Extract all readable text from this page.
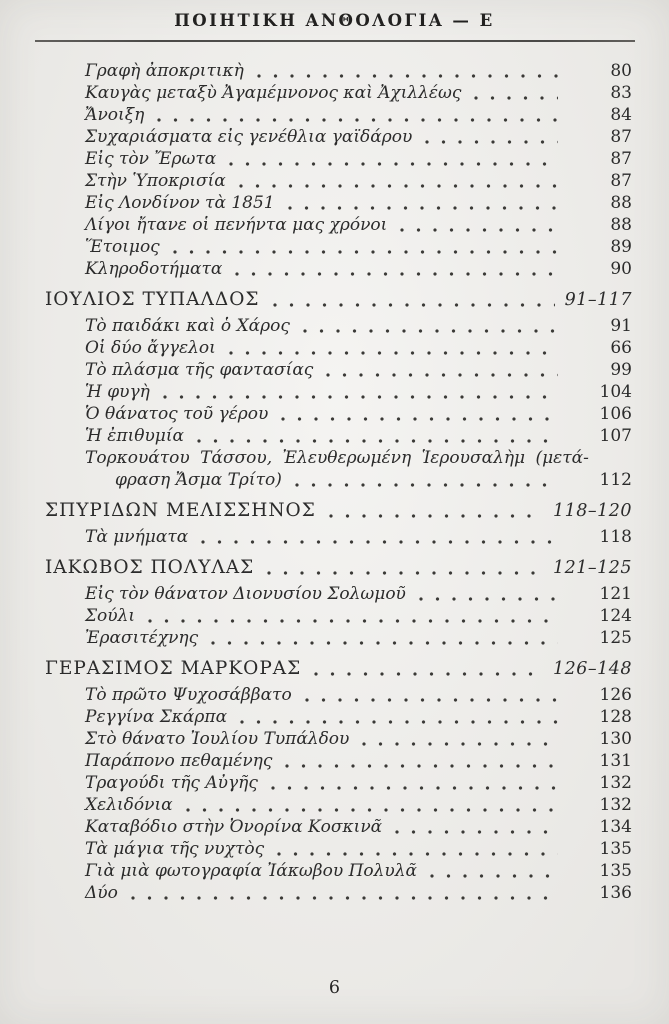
ΠΟΙΗΤΙΚΗ ΑΝΘΟΛΟΓΙΑ — Ε
Γραφὴ ἀποκριτικὴ	80
Καυγὰς μεταξὺ Ἀγαμέμνονος καὶ Ἀχιλλέως	83
Ἄνοιξη	84
Συχαριάσματα εἰς γενέθλια γαϊδάρου	87
Εἰς τὸν Ἔρωτα	87
Στὴν Ὑποκρισία	87
Εἰς Λονδίνον τὰ 1851	88
Λίγοι ἤτανε οἱ πενήντα μας χρόνοι	88
Ἕτοιμος	89
Κληροδοτήματα	90
ΙΟΥΛΙΟΣ ΤΥΠΑΛΔΟΣ	91–117
Τὸ παιδάκι καὶ ὁ Χάρος	91
Οἱ δύο ἄγγελοι	66
Τὸ πλάσμα τῆς φαντασίας	99
Ἡ φυγὴ	104
Ὁ θάνατος τοῦ γέρου	106
Ἡ ἐπιθυμία	107
Τορκουάτου Τάσσου, Ἐλευθερωμένη Ἱερουσαλὴμ (μετά-
φραση Ἄσμα Τρίτο)	112
ΣΠΥΡΙΔΩΝ ΜΕΛΙΣΣΗΝΟΣ	118–120
Τὰ μνήματα	118
ΙΑΚΩΒΟΣ ΠΟΛΥΛΑΣ	121–125
Εἰς τὸν θάνατον Διονυσίου Σολωμοῦ	121
Σούλι	124
Ἐρασιτέχνης	125
ΓΕΡΑΣΙΜΟΣ ΜΑΡΚΟΡΑΣ	126–148
Τὸ πρῶτο Ψυχοσάββατο	126
Ρεγγίνα Σκάρπα	128
Στὸ θάνατο Ἰουλίου Τυπάλδου	130
Παράπονο πεθαμένης	131
Τραγούδι τῆς Αὐγῆς	132
Χελιδόνια	132
Καταβόδιο στὴν Ὀνορίνα Κοσκινᾶ	134
Τὰ μάγια τῆς νυχτὸς	135
Γιὰ μιὰ φωτογραφία Ἰάκωβου Πολυλᾶ	135
Δύο	136
6
